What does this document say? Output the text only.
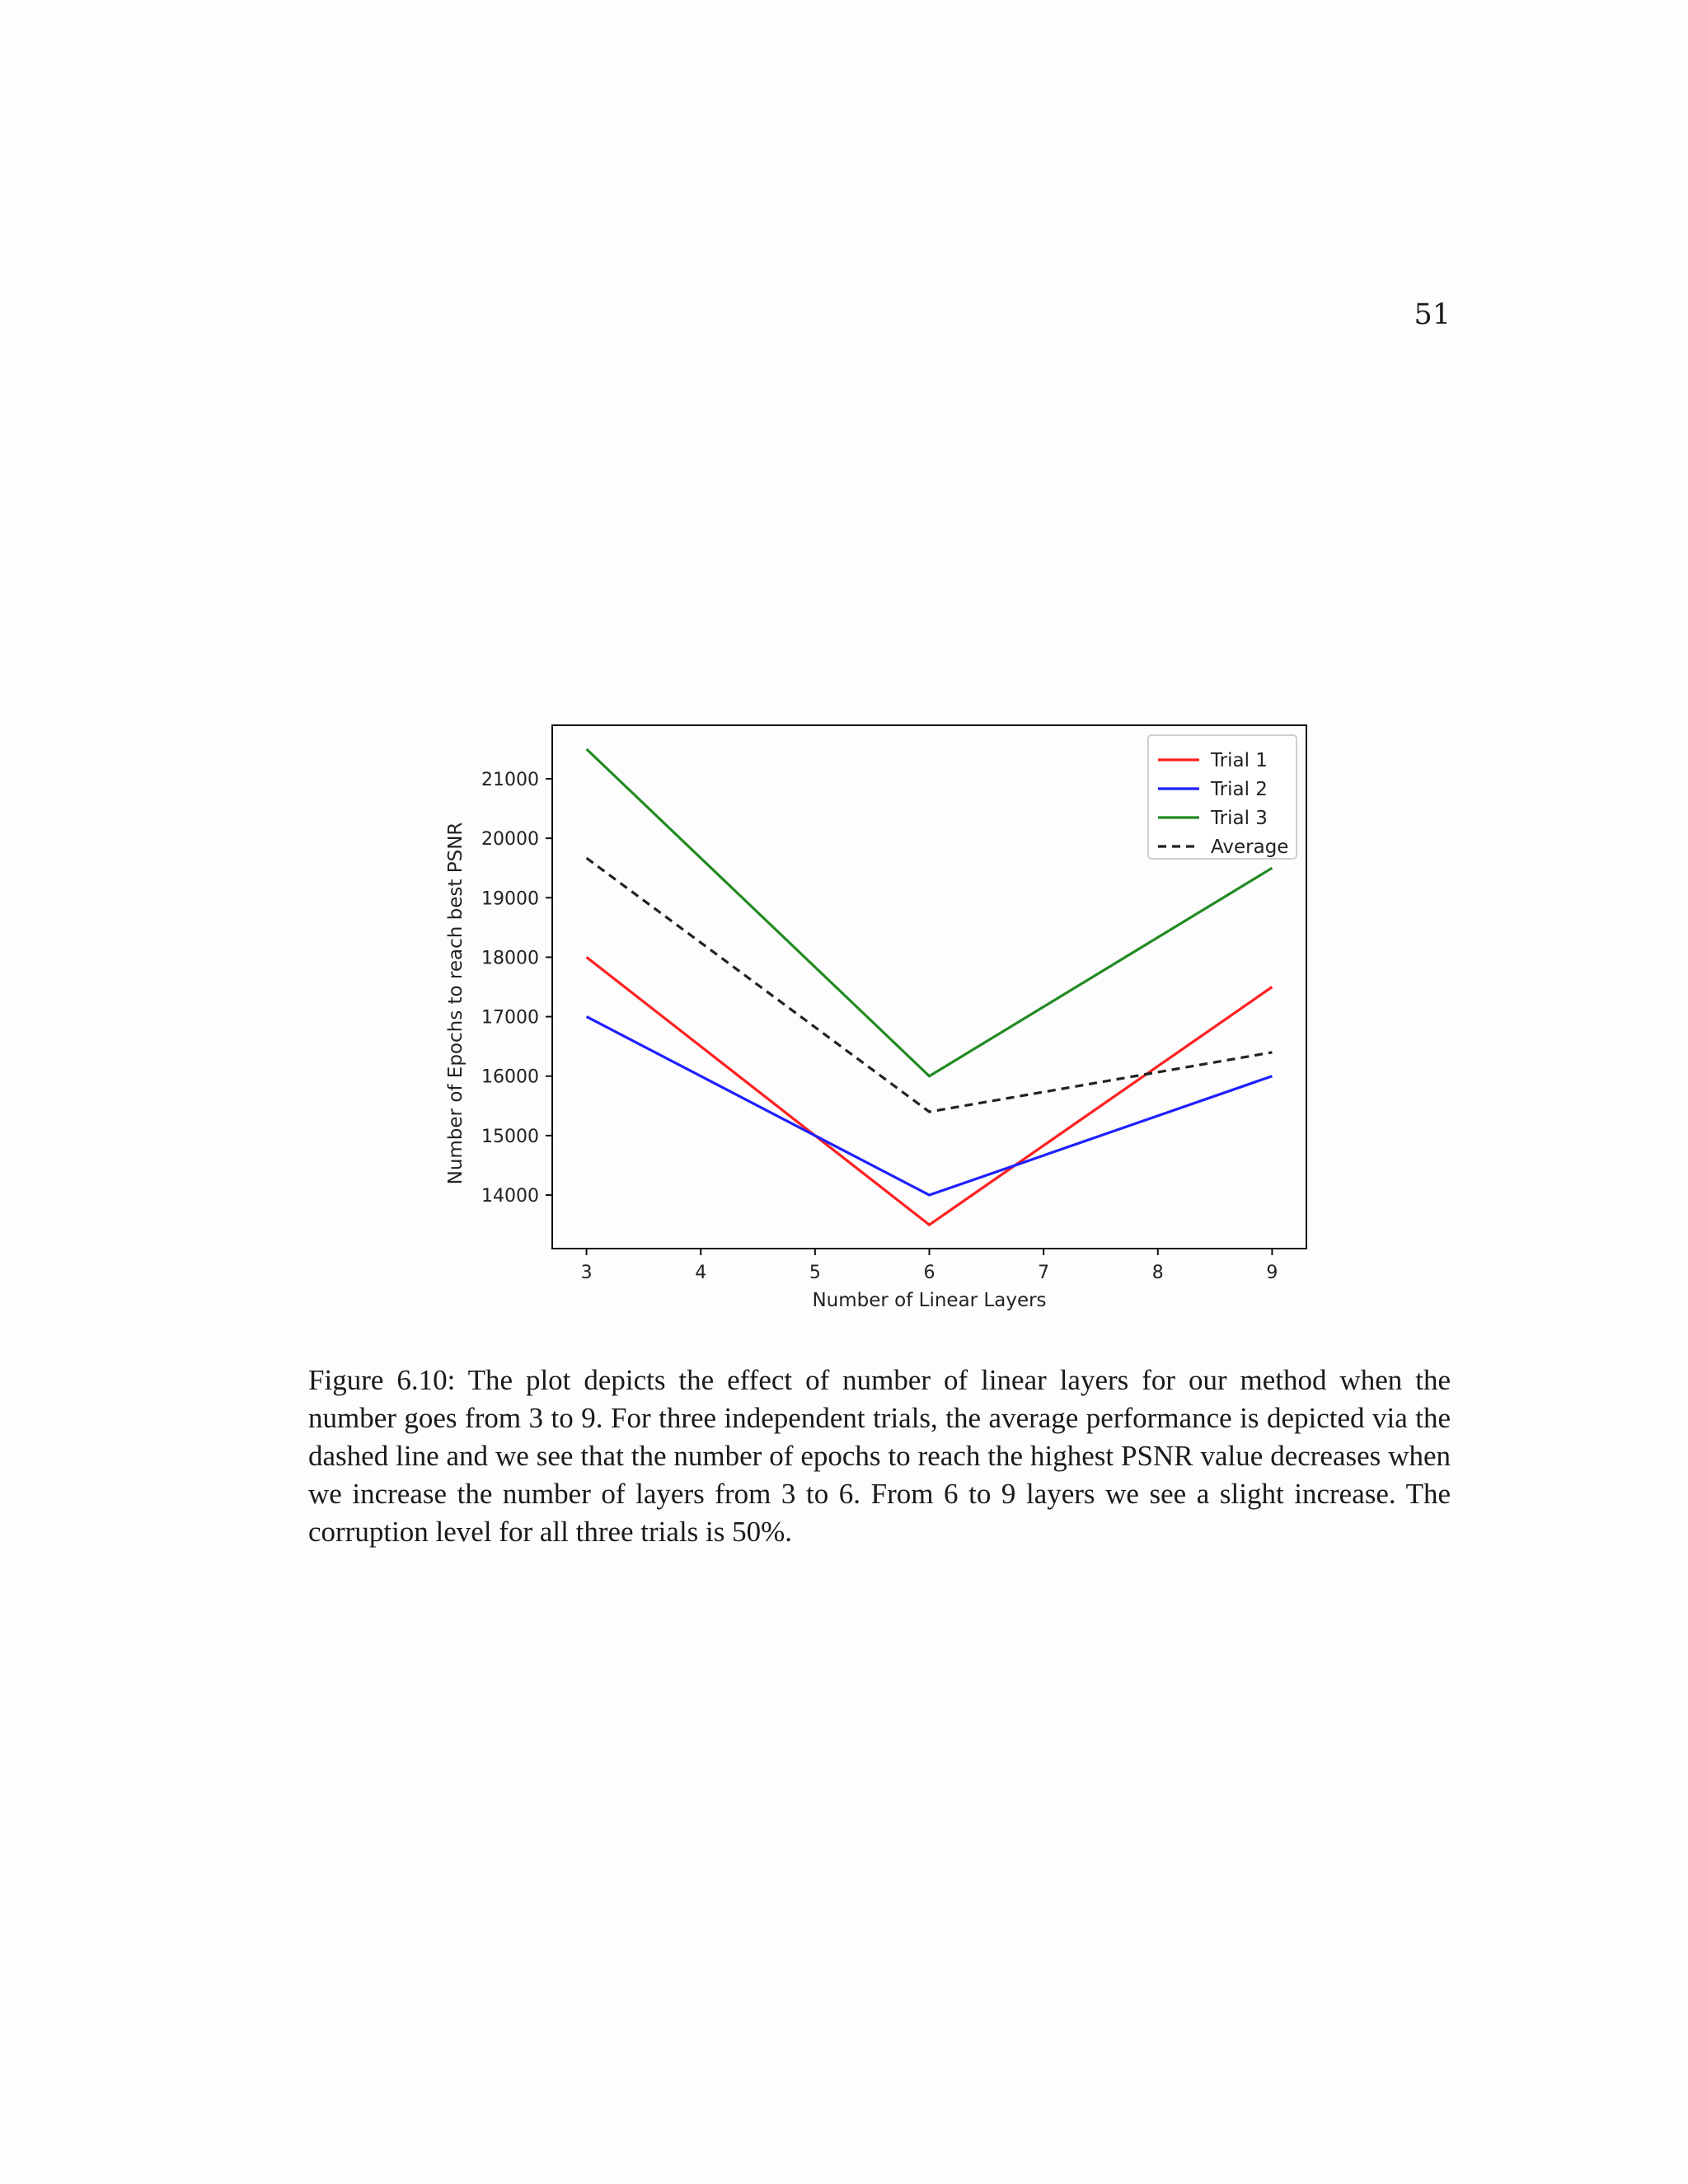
51
3	4	5	6	7	8	9
14000
15000
16000
17000
18000
19000
20000
21000
Trial 1
Trial 2
Trial 3
Average
Number of Linear Layers
Number of Epochs to reach best PSNR
Figure 6.10: The plot depicts the effect of number of linear layers for our method when the number goes from 3 to 9. For three independent trials, the average performance is depicted via the dashed line and we see that the number of epochs to reach the highest PSNR value decreases when we increase the number of layers from 3 to 6. From 6 to 9 layers we see a slight increase. The corruption level for all three trials is 50%.
